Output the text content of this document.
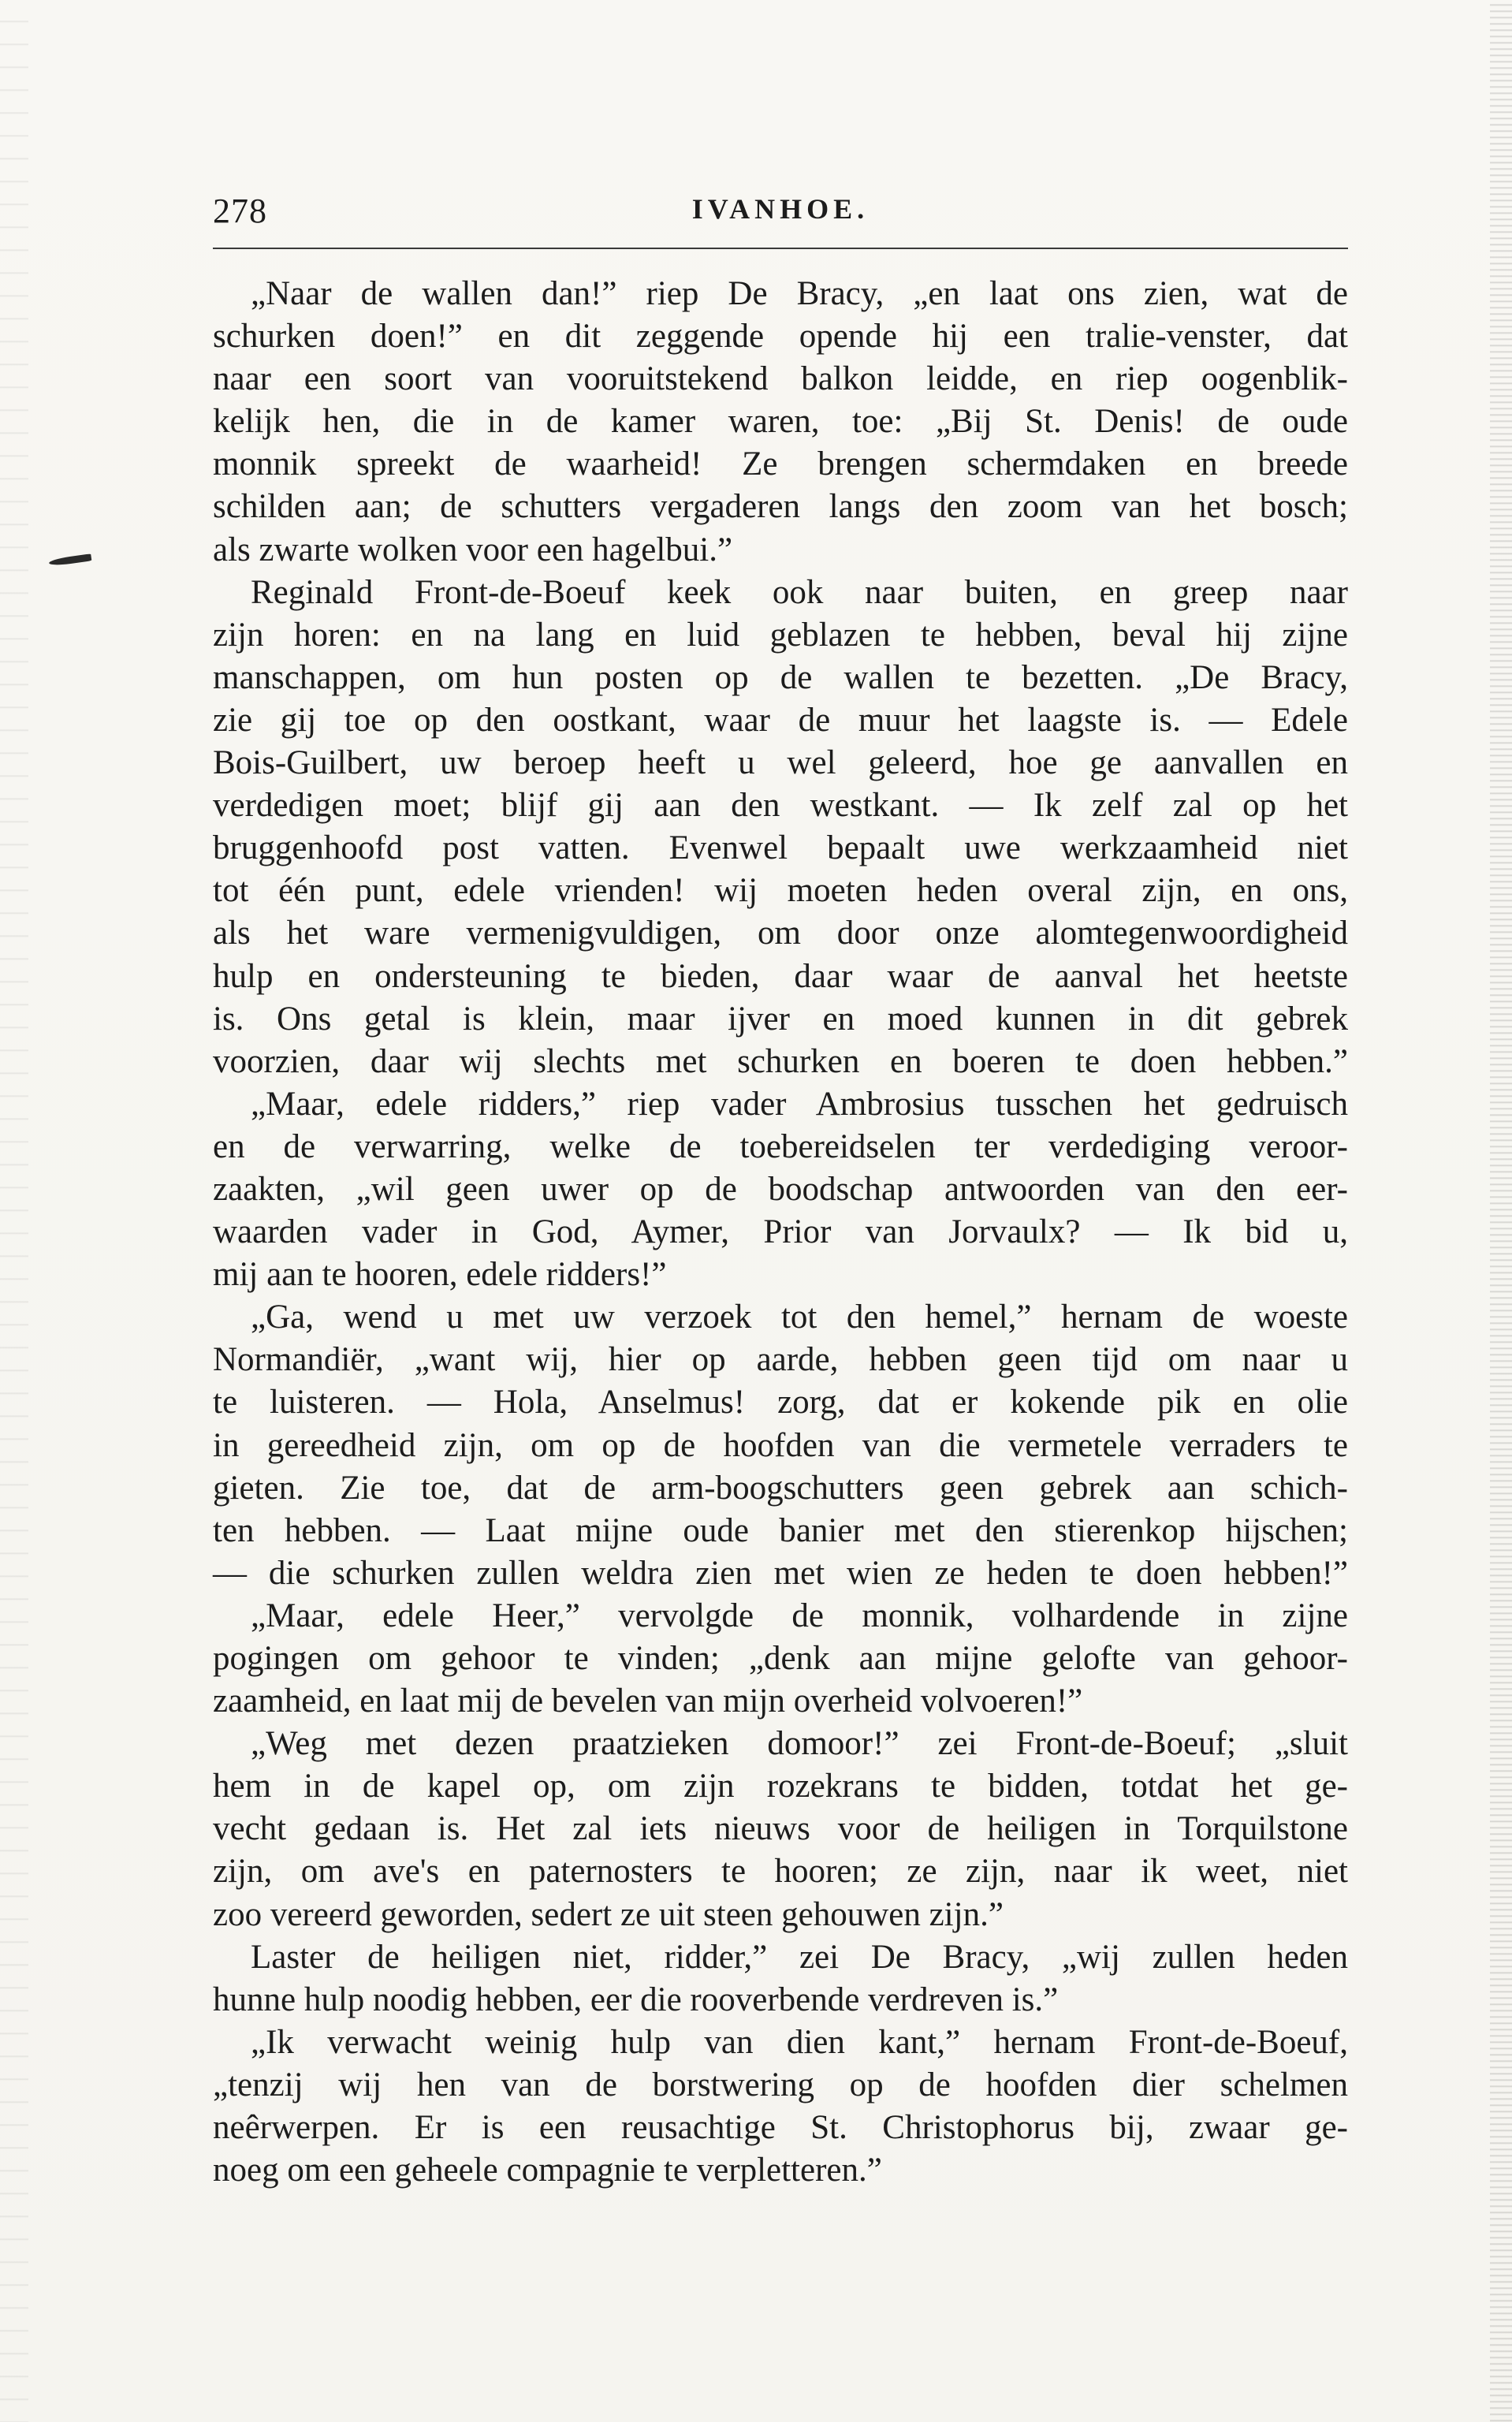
278	IVANHOE.
„Naar de wallen dan!” riep De Bracy, „en laat ons zien, wat de
schurken doen!” en dit zeggende opende hij een tralie-venster, dat
naar een soort van vooruitstekend balkon leidde, en riep oogenblik-
kelijk hen, die in de kamer waren, toe: „Bij St. Denis! de oude
monnik spreekt de waarheid! Ze brengen schermdaken en breede
schilden aan; de schutters vergaderen langs den zoom van het bosch;
als zwarte wolken voor een hagelbui.”
Reginald Front-de-Boeuf keek ook naar buiten, en greep naar
zijn horen: en na lang en luid geblazen te hebben, beval hij zijne
manschappen, om hun posten op de wallen te bezetten. „De Bracy,
zie gij toe op den oostkant, waar de muur het laagste is. — Edele
Bois-Guilbert, uw beroep heeft u wel geleerd, hoe ge aanvallen en
verdedigen moet; blijf gij aan den westkant. — Ik zelf zal op het
bruggenhoofd post vatten. Evenwel bepaalt uwe werkzaamheid niet
tot één punt, edele vrienden! wij moeten heden overal zijn, en ons,
als het ware vermenigvuldigen, om door onze alomtegenwoordigheid
hulp en ondersteuning te bieden, daar waar de aanval het heetste
is. Ons getal is klein, maar ijver en moed kunnen in dit gebrek
voorzien, daar wij slechts met schurken en boeren te doen hebben.”
„Maar, edele ridders,” riep vader Ambrosius tusschen het gedruisch
en de verwarring, welke de toebereidselen ter verdediging veroor-
zaakten, „wil geen uwer op de boodschap antwoorden van den eer-
waarden vader in God, Aymer, Prior van Jorvaulx? — Ik bid u,
mij aan te hooren, edele ridders!”
„Ga, wend u met uw verzoek tot den hemel,” hernam de woeste
Normandiër, „want wij, hier op aarde, hebben geen tijd om naar u
te luisteren. — Hola, Anselmus! zorg, dat er kokende pik en olie
in gereedheid zijn, om op de hoofden van die vermetele verraders te
gieten. Zie toe, dat de arm-boogschutters geen gebrek aan schich-
ten hebben. — Laat mijne oude banier met den stierenkop hijschen;
— die schurken zullen weldra zien met wien ze heden te doen hebben!”
„Maar, edele Heer,” vervolgde de monnik, volhardende in zijne
pogingen om gehoor te vinden; „denk aan mijne gelofte van gehoor-
zaamheid, en laat mij de bevelen van mijn overheid volvoeren!”
„Weg met dezen praatzieken domoor!” zei Front-de-Boeuf; „sluit
hem in de kapel op, om zijn rozekrans te bidden, totdat het ge-
vecht gedaan is. Het zal iets nieuws voor de heiligen in Torquilstone
zijn, om ave's en paternosters te hooren; ze zijn, naar ik weet, niet
zoo vereerd geworden, sedert ze uit steen gehouwen zijn.”
Laster de heiligen niet, ridder,” zei De Bracy, „wij zullen heden
hunne hulp noodig hebben, eer die rooverbende verdreven is.”
„Ik verwacht weinig hulp van dien kant,” hernam Front-de-Boeuf,
„tenzij wij hen van de borstwering op de hoofden dier schelmen
neêrwerpen. Er is een reusachtige St. Christophorus bij, zwaar ge-
noeg om een geheele compagnie te verpletteren.”
